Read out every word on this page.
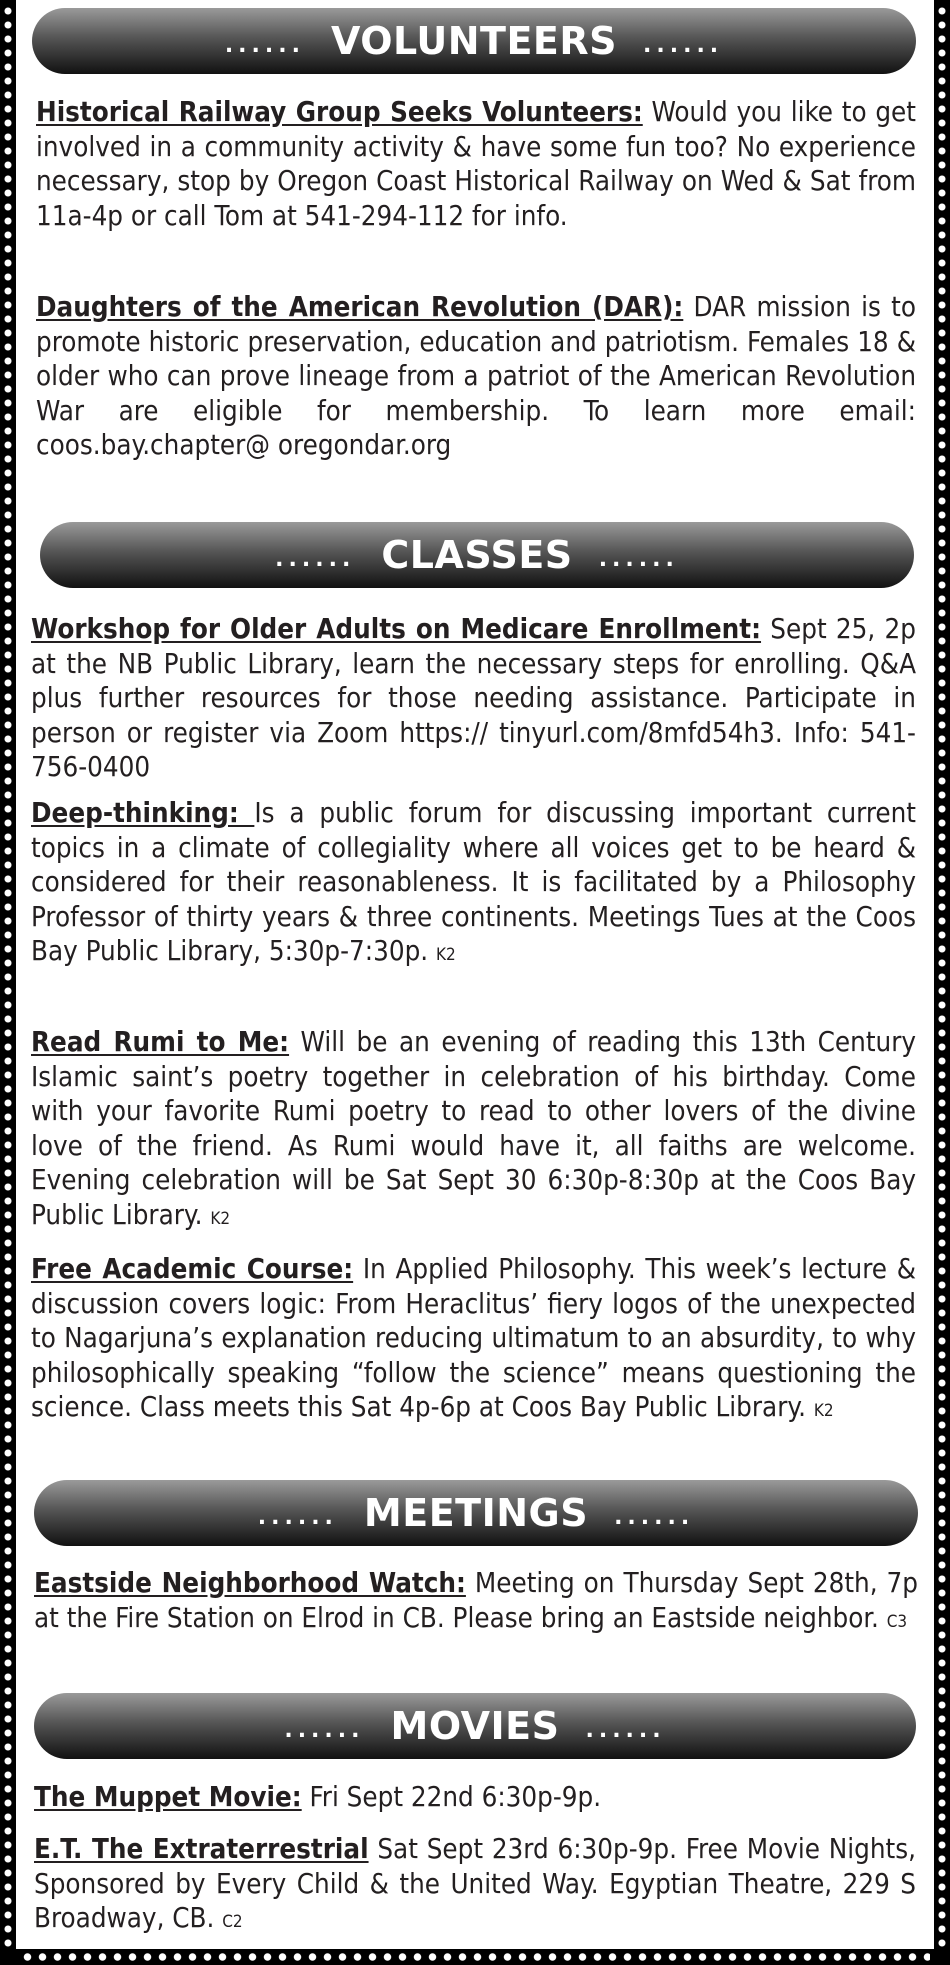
...... VOLUNTEERS ......

Historical Railway Group Seeks Volunteers: Would you like to get involved in a community activity & have some fun too? No experience necessary, stop by Oregon Coast Historical Railway on Wed & Sat from 11a-4p or call Tom at 541-294-112 for info.

Daughters of the American Revolution (DAR): DAR mission is to promote historic preservation, education and patriotism. Females 18 & older who can prove lineage from a patriot of the American Revolution War are eligible for membership. To learn more email: coos.bay.chapter@ oregondar.org

...... CLASSES ......

Workshop for Older Adults on Medicare Enrollment: Sept 25, 2p at the NB Public Library, learn the necessary steps for enrolling. Q&A plus further resources for those needing assistance. Participate in person or register via Zoom https:// tinyurl.com/8mfd54h3. Info: 541-756-0400

Deep-thinking: Is a public forum for discussing important current topics in a climate of collegiality where all voices get to be heard & considered for their reasonableness. It is facilitated by a Philosophy Professor of thirty years & three continents. Meetings Tues at the Coos Bay Public Library, 5:30p-7:30p. K2

Read Rumi to Me: Will be an evening of reading this 13th Century Islamic saint’s poetry together in celebration of his birthday. Come with your favorite Rumi poetry to read to other lovers of the divine love of the friend. As Rumi would have it, all faiths are welcome. Evening celebration will be Sat Sept 30 6:30p-8:30p at the Coos Bay Public Library. K2

Free Academic Course: In Applied Philosophy. This week’s lecture & discussion covers logic: From Heraclitus’ fiery logos of the unexpected to Nagarjuna’s explanation reducing ultimatum to an absurdity, to why philosophically speaking “follow the science” means questioning the science. Class meets this Sat 4p-6p at Coos Bay Public Library. K2

...... MEETINGS ......

Eastside Neighborhood Watch: Meeting on Thursday Sept 28th, 7p at the Fire Station on Elrod in CB. Please bring an Eastside neighbor. C3

...... MOVIES ......

The Muppet Movie: Fri Sept 22nd 6:30p-9p.

E.T. The Extraterrestrial Sat Sept 23rd 6:30p-9p. Free Movie Nights, Sponsored by Every Child & the United Way. Egyptian Theatre, 229 S Broadway, CB. C2
